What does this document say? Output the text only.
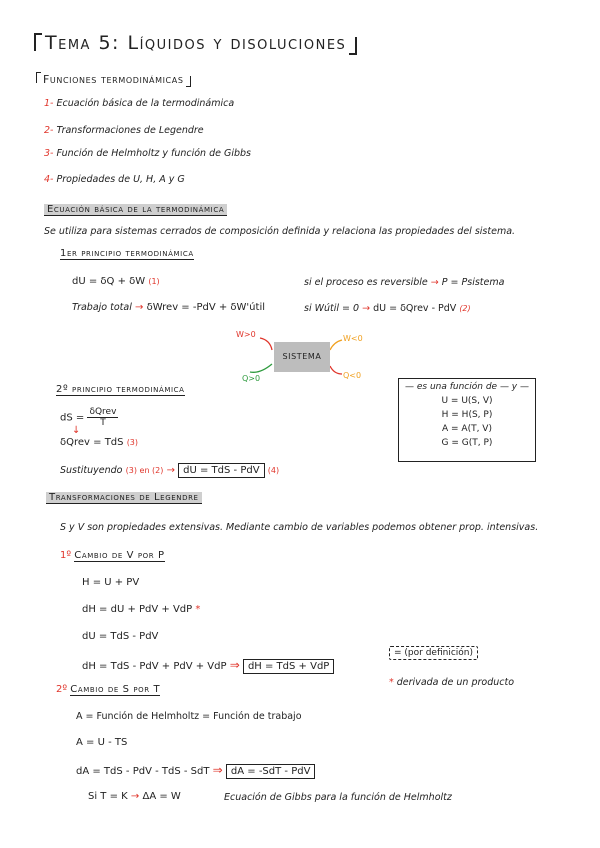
Tema 5: Líquidos y disoluciones
Funciones termodinámicas
1- Ecuación básica de la termodinámica
2- Transformaciones de Legendre
3- Función de Helmholtz y función de Gibbs
4- Propiedades de U, H, A y G
Ecuación básica de la termodinámica
Se utiliza para sistemas cerrados de composición definida y relaciona las propiedades del sistema.
1er principio termodinámica
dU = δQ + δW (1)	si el proceso es reversible → P = Psistema
Trabajo total → δWrev = -PdV + δW'útil	si Wútil = 0 → dU = δQrev - PdV (2)
SISTEMA
W>0
Q>0
W<0
Q<0
2º principio termodinámica
dS = $\frac{\text{δQrev}}{T}$
↓
δQrev = TdS (3)
Sustituyendo (3) en (2) → dU = TdS - PdV (4)
— es una función de — y —
U = U(S, V)
H = H(S, P)
A = A(T, V)
G = G(T, P)
Transformaciones de Legendre
S y V son propiedades extensivas. Mediante cambio de variables podemos obtener prop. intensivas.
1º Cambio de V por P
H = U + PV
dH = dU + PdV + VdP *
dU = TdS - PdV
dH = TdS - PdV + PdV + VdP ⇒ dH = TdS + VdP
= (por definición)
* derivada de un producto
2º Cambio de S por T
A = Función de Helmholtz = Función de trabajo
A = U - TS
dA = TdS - PdV - TdS - SdT ⇒ dA = -SdT - PdV
Si T = K → ΔA = W	Ecuación de Gibbs para la función de Helmholtz
